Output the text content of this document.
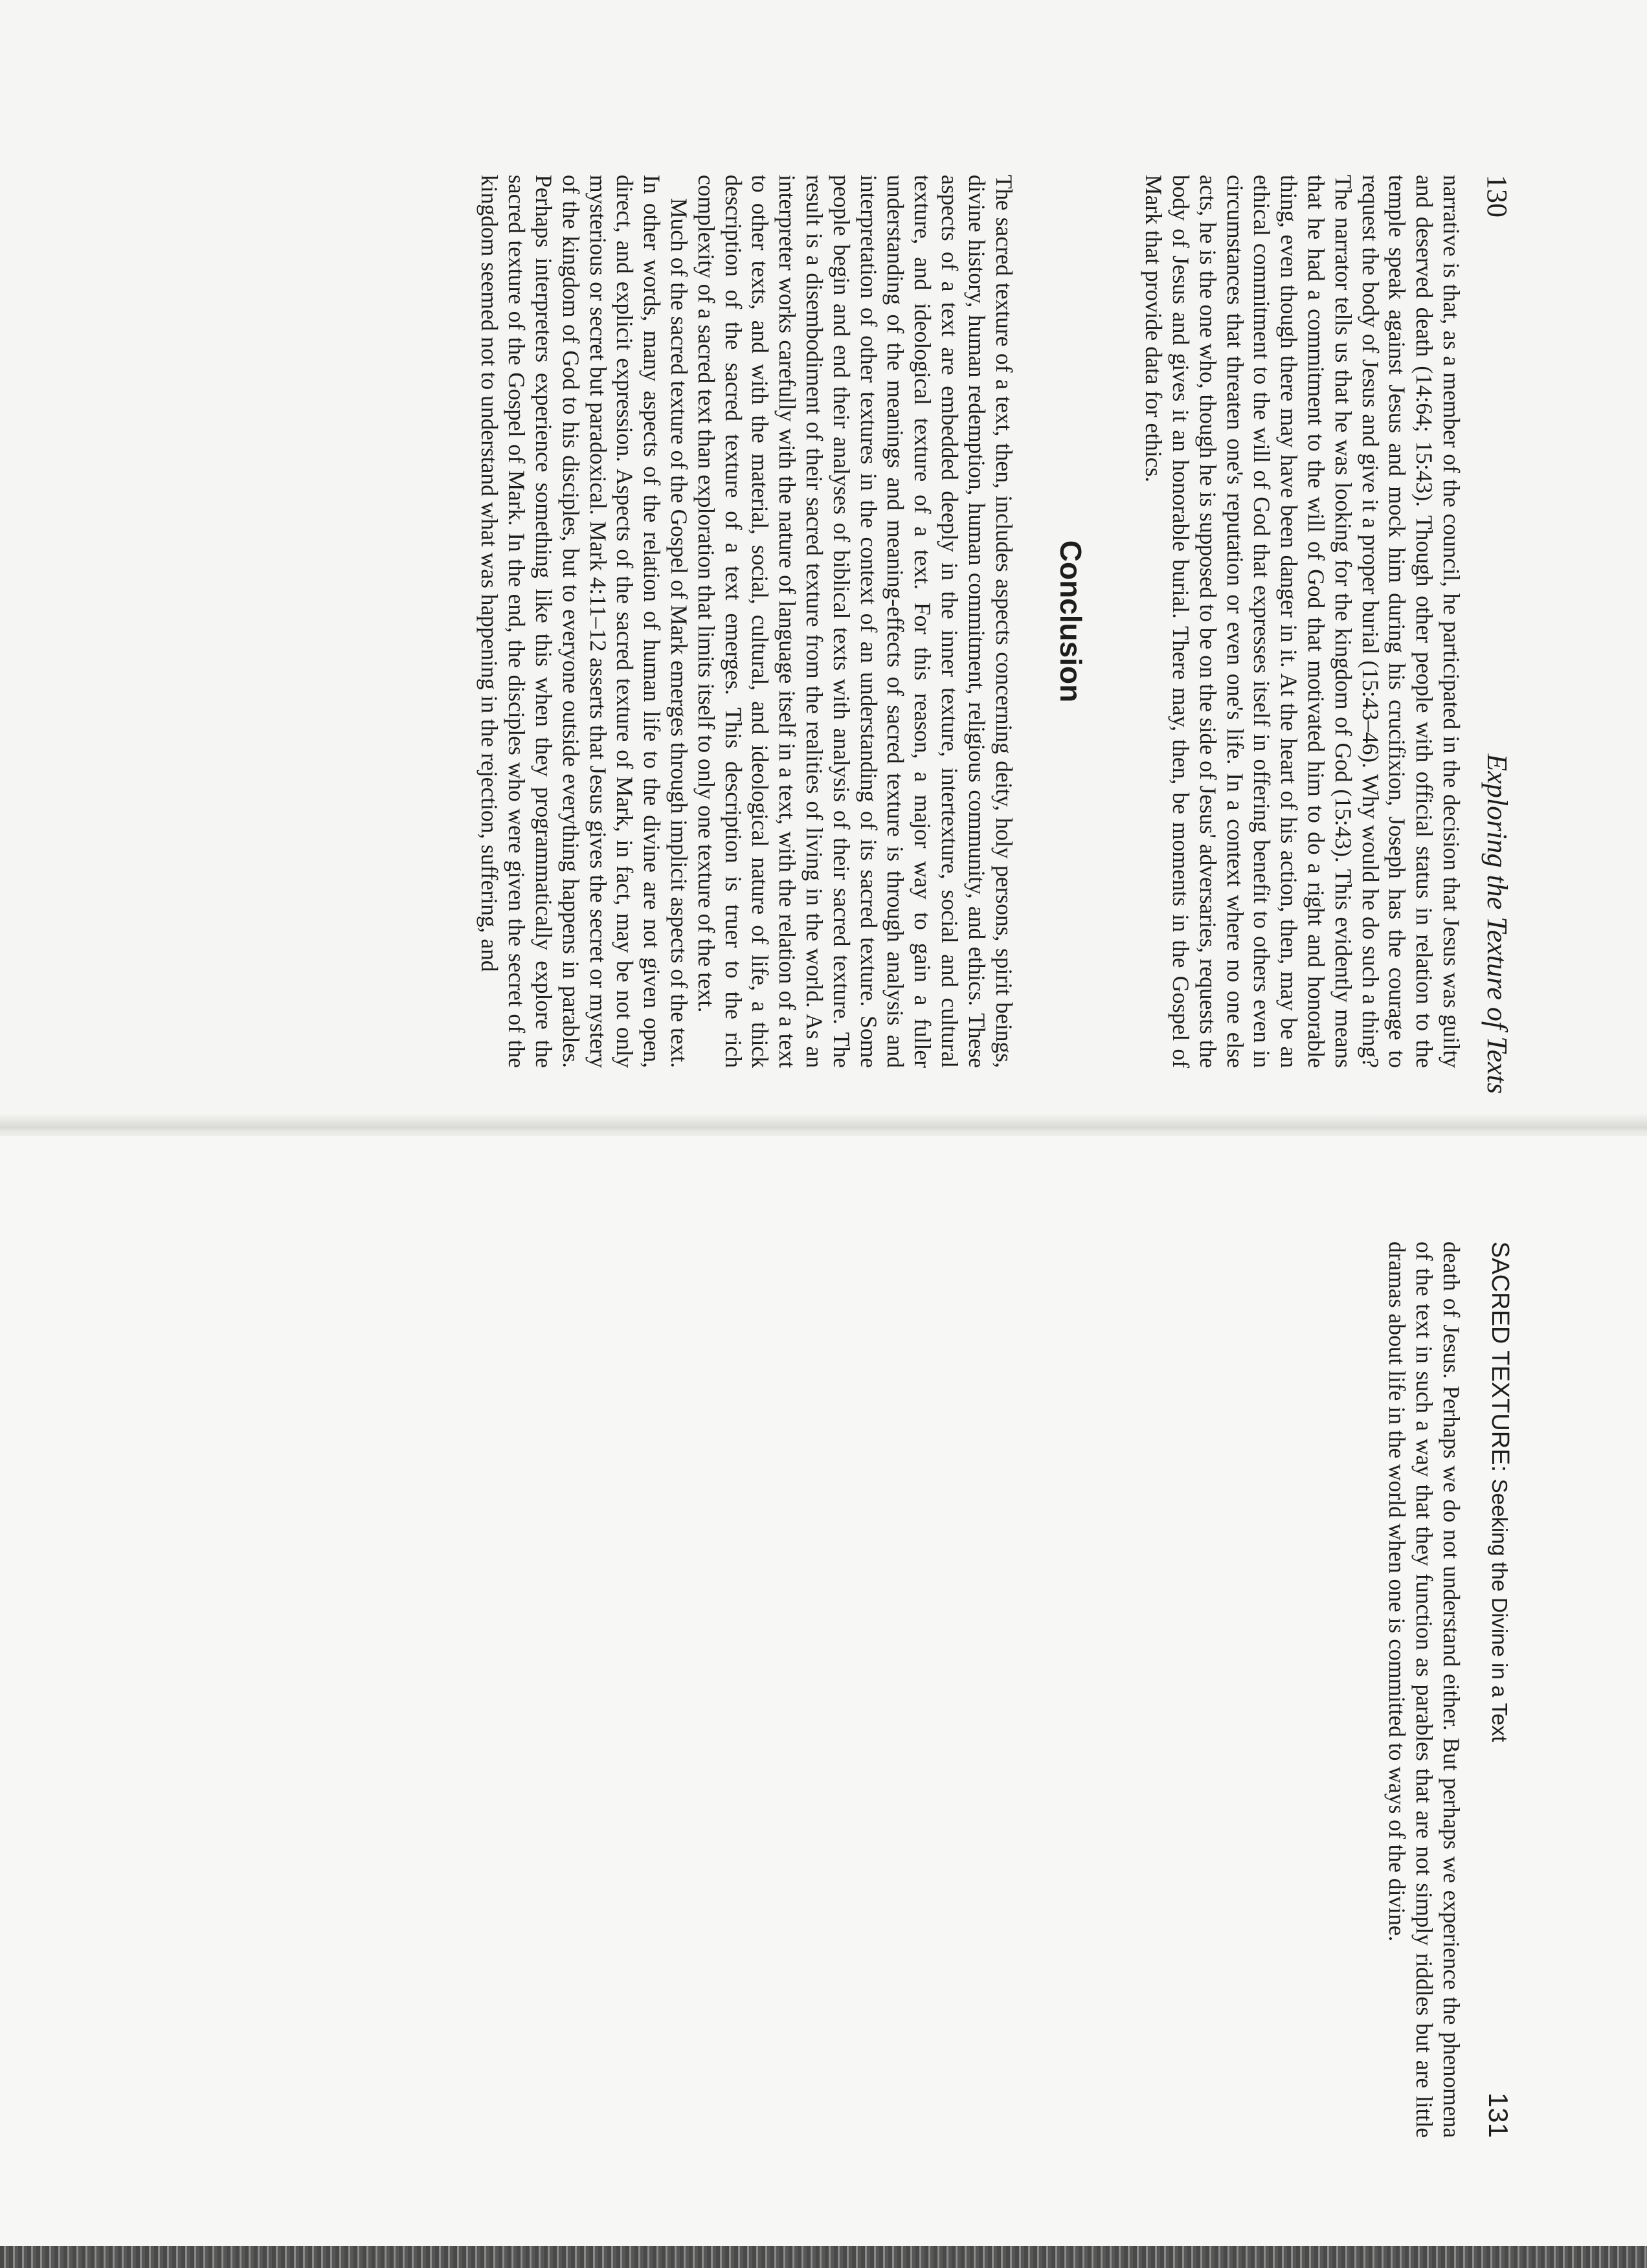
130
Exploring the Texture of Texts

narrative is that, as a member of the council, he participated in the decision that Jesus was guilty and deserved death (14:64; 15:43). Though other people with official status in relation to the temple speak against Jesus and mock him during his crucifixion, Joseph has the courage to request the body of Jesus and give it a proper burial (15:43–46). Why would he do such a thing? The narrator tells us that he was looking for the kingdom of God (15:43). This evidently means that he had a commitment to the will of God that motivated him to do a right and honorable thing, even though there may have been danger in it. At the heart of his action, then, may be an ethical commitment to the will of God that expresses itself in offering benefit to others even in circumstances that threaten one's reputation or even one's life. In a context where no one else acts, he is the one who, though he is supposed to be on the side of Jesus' adversaries, requests the body of Jesus and gives it an honorable burial. There may, then, be moments in the Gospel of Mark that provide data for ethics.

Conclusion

The sacred texture of a text, then, includes aspects concerning deity, holy persons, spirit beings, divine history, human redemption, human commitment, religious community, and ethics. These aspects of a text are embedded deeply in the inner texture, intertexture, social and cultural texture, and ideological texture of a text. For this reason, a major way to gain a fuller understanding of the meanings and meaning-effects of sacred texture is through analysis and interpretation of other textures in the context of an understanding of its sacred texture. Some people begin and end their analyses of biblical texts with analysis of their sacred texture. The result is a disembodiment of their sacred texture from the realities of living in the world. As an interpreter works carefully with the nature of language itself in a text, with the relation of a text to other texts, and with the material, social, cultural, and ideological nature of life, a thick description of the sacred texture of a text emerges. This description is truer to the rich complexity of a sacred text than exploration that limits itself to only one texture of the text.

Much of the sacred texture of the Gospel of Mark emerges through implicit aspects of the text. In other words, many aspects of the relation of human life to the divine are not given open, direct, and explicit expression. Aspects of the sacred texture of Mark, in fact, may be not only mysterious or secret but paradoxical. Mark 4:11–12 asserts that Jesus gives the secret or mystery of the kingdom of God to his disciples, but to everyone outside everything happens in parables. Perhaps interpreters experience something like this when they programmatically explore the sacred texture of the Gospel of Mark. In the end, the disciples who were given the secret of the kingdom seemed not to understand what was happening in the rejection, suffering, and

SACRED TEXTURE: Seeking the Divine in a Text
131

death of Jesus. Perhaps we do not understand either. But perhaps we experience the phenomena of the text in such a way that they function as parables that are not simply riddles but are little dramas about life in the world when one is committed to ways of the divine.
